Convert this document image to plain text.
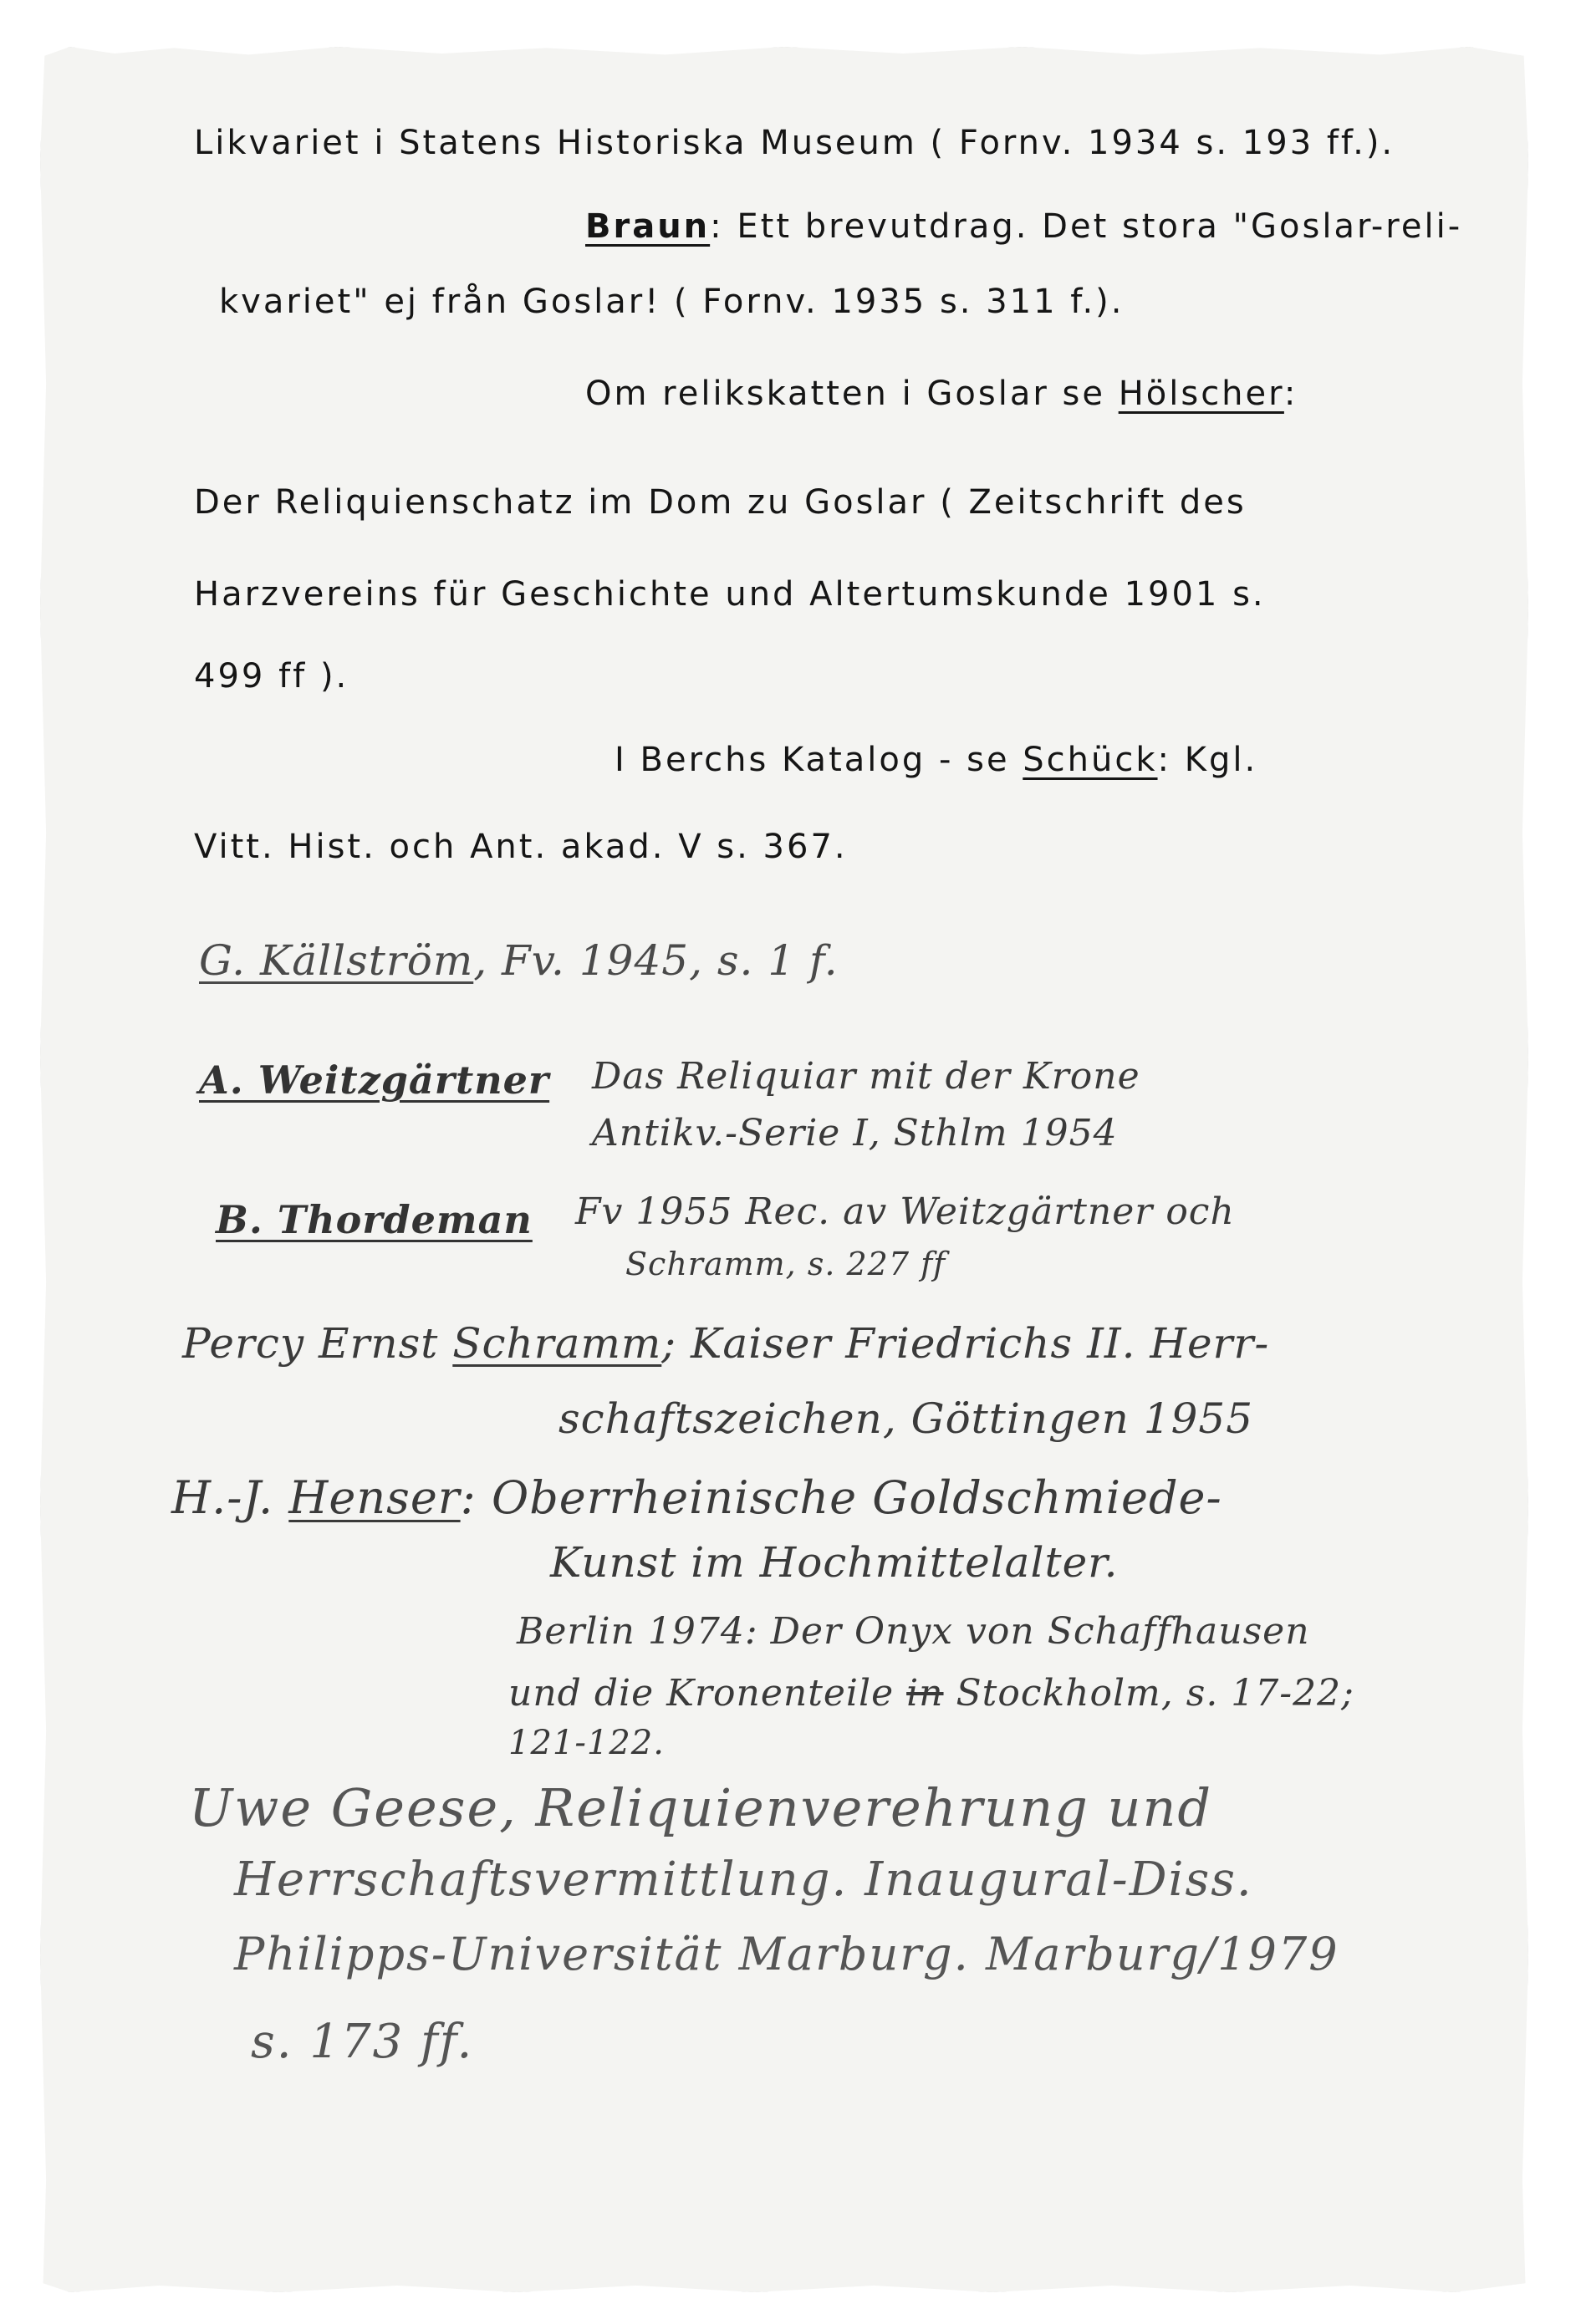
Likvariet i Statens Historiska Museum ( Fornv. 1934 s. 193 ff.).
Braun: Ett brevutdrag. Det stora "Goslar-reli-
kvariet" ej från Goslar! ( Fornv. 1935 s. 311 f.).
Om relikskatten i Goslar se Hölscher:
Der Reliquienschatz im Dom zu Goslar ( Zeitschrift des
Harzvereins für Geschichte und Altertumskunde 1901 s.
499 ff ).
I Berchs Katalog - se Schück: Kgl.
Vitt. Hist. och Ant. akad. V s. 367.
G. Källström, Fv. 1945, s. 1 f.
A. Weitzgärtner Das Reliquiar mit der Krone
Antikv.-Serie I, Sthlm 1954
B. Thordeman Fv 1955 Rec. av Weitzgärtner och
Schramm, s. 227 ff
Percy Ernst Schramm; Kaiser Friedrichs II. Herr-
schaftszeichen, Göttingen 1955
H.-J. Henser: Oberrheinische Goldschmiede-
Kunst im Hochmittelalter.
Berlin 1974: Der Onyx von Schaffhausen
und die Kronenteile in Stockholm, s. 17-22;
121-122.
Uwe Geese, Reliquienverehrung und
Herrschaftsvermittlung. Inaugural-Diss.
Philipps-Universität Marburg. Marburg/1979
s. 173 ff.
